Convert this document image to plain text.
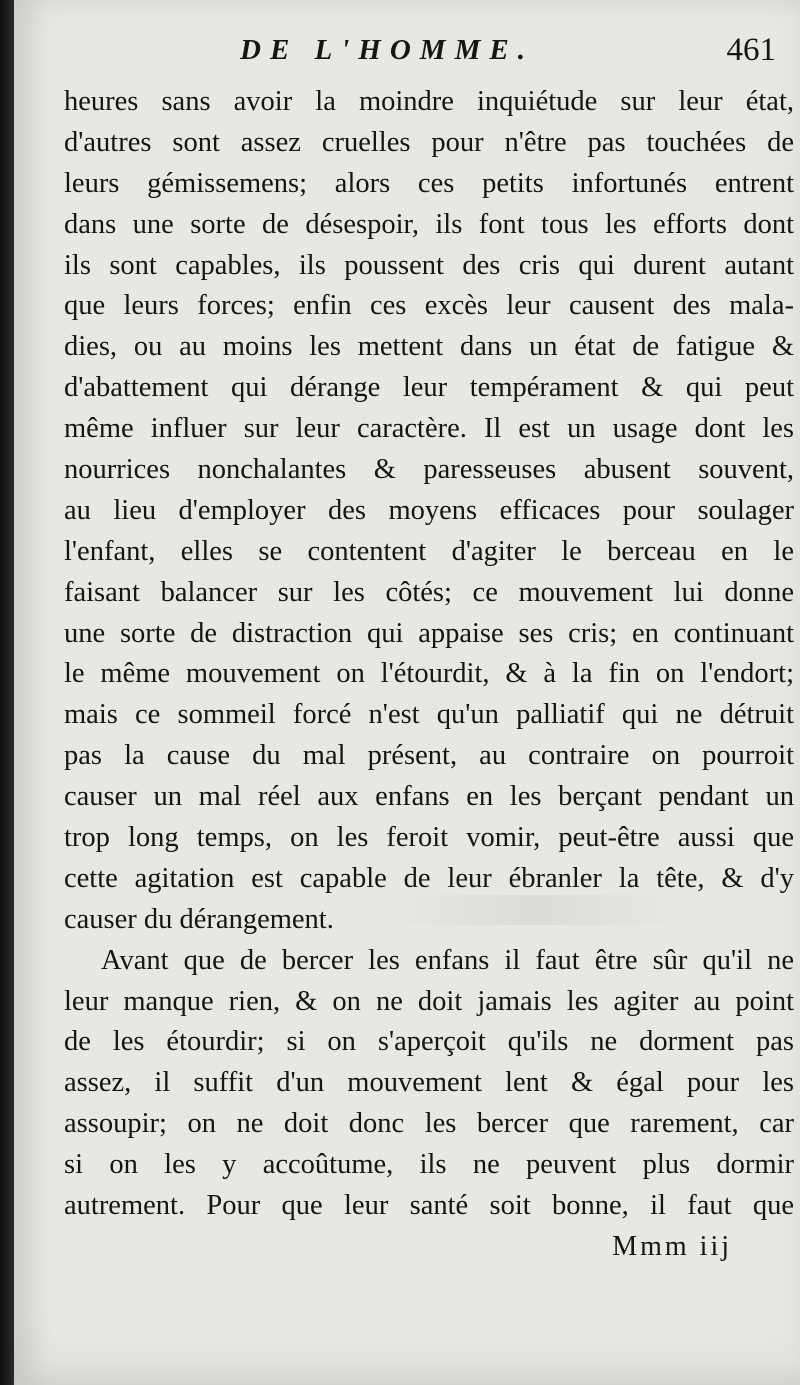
DE L'HOMME.	461
heures sans avoir la moindre inquiétude sur leur état,
d'autres sont assez cruelles pour n'être pas touchées de
leurs gémissemens; alors ces petits infortunés entrent
dans une sorte de désespoir, ils font tous les efforts dont
ils sont capables, ils poussent des cris qui durent autant
que leurs forces; enfin ces excès leur causent des mala-
dies, ou au moins les mettent dans un état de fatigue &
d'abattement qui dérange leur tempérament & qui peut
même influer sur leur caractère. Il est un usage dont les
nourrices nonchalantes & paresseuses abusent souvent,
au lieu d'employer des moyens efficaces pour soulager
l'enfant, elles se contentent d'agiter le berceau en le
faisant balancer sur les côtés; ce mouvement lui donne
une sorte de distraction qui appaise ses cris; en continuant
le même mouvement on l'étourdit, & à la fin on l'endort;
mais ce sommeil forcé n'est qu'un palliatif qui ne détruit
pas la cause du mal présent, au contraire on pourroit
causer un mal réel aux enfans en les berçant pendant un
trop long temps, on les feroit vomir, peut-être aussi que
cette agitation est capable de leur ébranler la tête, & d'y
causer du dérangement.
Avant que de bercer les enfans il faut être sûr qu'il ne
leur manque rien, & on ne doit jamais les agiter au point
de les étourdir; si on s'aperçoit qu'ils ne dorment pas
assez, il suffit d'un mouvement lent & égal pour les
assoupir; on ne doit donc les bercer que rarement, car
si on les y accoûtume, ils ne peuvent plus dormir
autrement. Pour que leur santé soit bonne, il faut que
Mmm iij
